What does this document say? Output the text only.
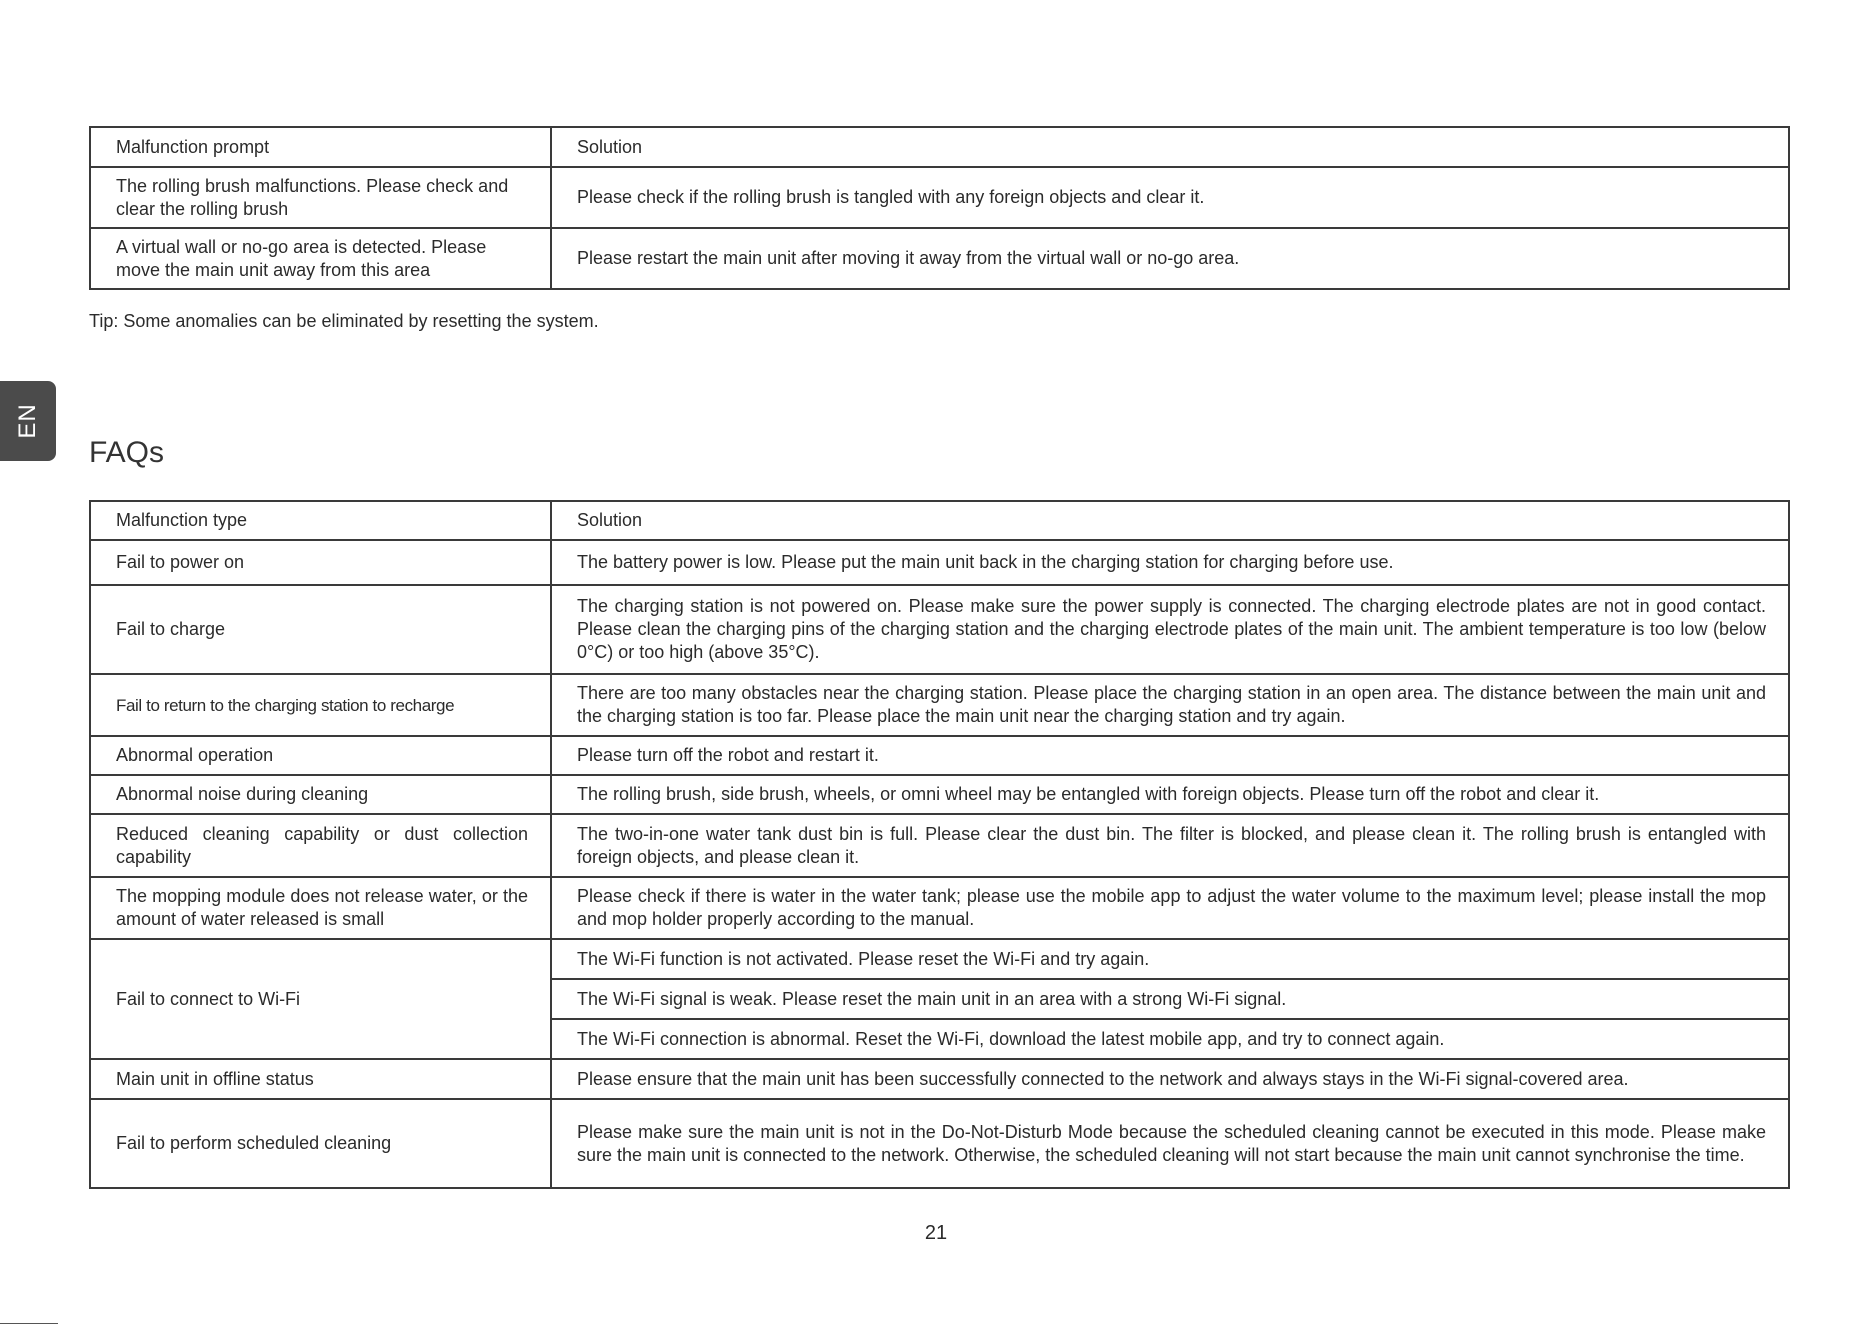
Malfunction prompt	Solution
The rolling brush malfunctions. Please check and clear the rolling brush	Please check if the rolling brush is tangled with any foreign objects and clear it.
A virtual wall or no-go area is detected. Please move the main unit away from this area	Please restart the main unit after moving it away from the virtual wall or no-go area.
Tip: Some anomalies can be eliminated by resetting the system.
EN
FAQs
Malfunction type	Solution
Fail to power on	The battery power is low. Please put the main unit back in the charging station for charging before use.
Fail to charge	The charging station is not powered on. Please make sure the power supply is connected. The charging electrode plates are not in good contact. Please clean the charging pins of the charging station and the charging electrode plates of the main unit. The ambient temperature is too low (below 0°C) or too high (above 35°C).
Fail to return to the charging station to recharge	There are too many obstacles near the charging station. Please place the charging station in an open area. The distance between the main unit and the charging station is too far. Please place the main unit near the charging station and try again.
Abnormal operation	Please turn off the robot and restart it.
Abnormal noise during cleaning	The rolling brush, side brush, wheels, or omni wheel may be entangled with foreign objects. Please turn off the robot and clear it.
Reduced cleaning capability or dust collection capability	The two-in-one water tank dust bin is full. Please clear the dust bin. The filter is blocked, and please clean it. The rolling brush is entangled with foreign objects, and please clean it.
The mopping module does not release water, or the amount of water released is small	Please check if there is water in the water tank; please use the mobile app to adjust the water volume to the maximum level; please install the mop and mop holder properly according to the manual.
Fail to connect to Wi-Fi	The Wi-Fi function is not activated. Please reset the Wi-Fi and try again.
	The Wi-Fi signal is weak. Please reset the main unit in an area with a strong Wi-Fi signal.
	The Wi-Fi connection is abnormal. Reset the Wi-Fi, download the latest mobile app, and try to connect again.
Main unit in offline status	Please ensure that the main unit has been successfully connected to the network and always stays in the Wi-Fi signal-covered area.
Fail to perform scheduled cleaning	Please make sure the main unit is not in the Do-Not-Disturb Mode because the scheduled cleaning cannot be executed in this mode. Please make sure the main unit is connected to the network. Otherwise, the scheduled cleaning will not start because the main unit cannot synchronise the time.
21
